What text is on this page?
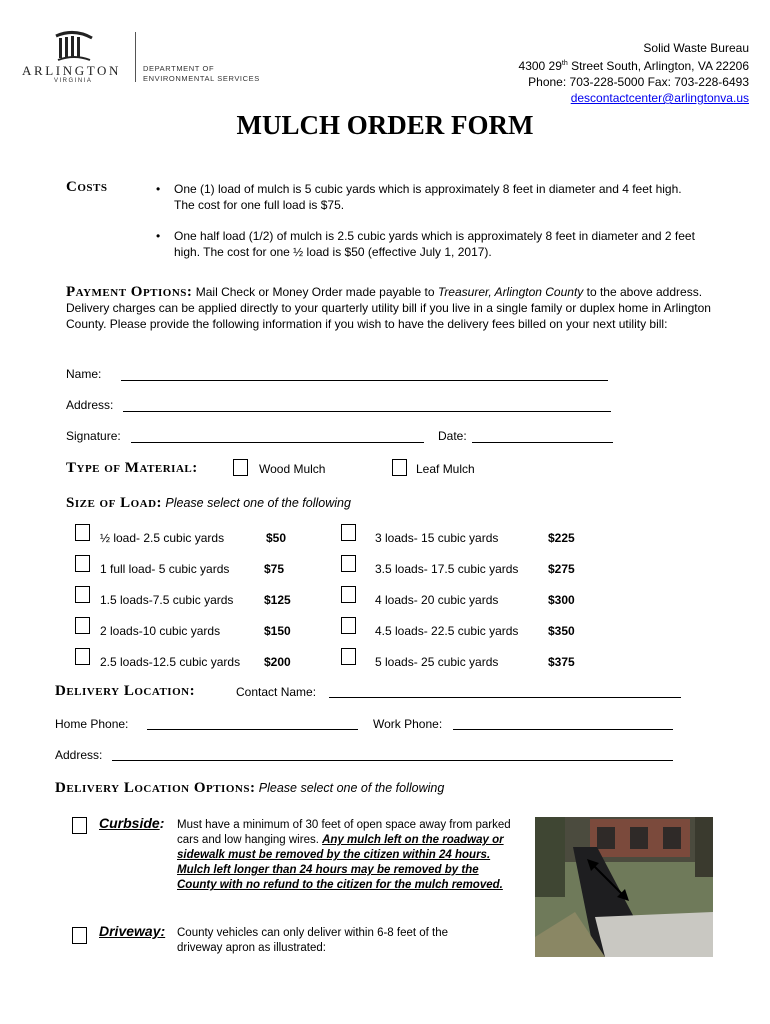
ARLINGTON
VIRGINIA
DEPARTMENT OF
ENVIRONMENTAL SERVICES
Solid Waste Bureau
4300 29th Street South, Arlington, VA 22206
Phone: 703-228-5000 Fax: 703-228-6493
descontactcenter@arlingtonva.us
MULCH ORDER FORM
Costs
•	One (1) load of mulch is 5 cubic yards which is approximately 8 feet in diameter and 4 feet high. The cost for one full load is $75.
• One half load (1/2) of mulch is 2.5 cubic yards which is approximately 8 feet in diameter and 2 feet high. The cost for one ½ load is $50 (effective July 1, 2017).
Payment Options: Mail Check or Money Order made payable to Treasurer, Arlington County to the above address. Delivery charges can be applied directly to your quarterly utility bill if you live in a single family or duplex home in Arlington County. Please provide the following information if you wish to have the delivery fees billed on your next utility bill:
Name:
Address:
Signature:	Date:
Type of Material:	Wood Mulch	Leaf Mulch
Size of Load: Please select one of the following
½ load- 2.5 cubic yards	$50
1 full load- 5 cubic yards	$75
1.5 loads-7.5 cubic yards	$125
2 loads-10 cubic yards	$150
2.5 loads-12.5 cubic yards $200
3 loads- 15 cubic yards	$225
3.5 loads- 17.5 cubic yards $275
4 loads- 20 cubic yards	$300
4.5 loads- 22.5 cubic yards $350
5 loads- 25 cubic yards	$375
Delivery Location:	Contact Name:
Home Phone:	Work Phone:
Address:
Delivery Location Options: Please select one of the following
Curbside: Must have a minimum of 30 feet of open space away from parked cars and low hanging wires. Any mulch left on the roadway or sidewalk must be removed by the citizen within 24 hours. Mulch left longer than 24 hours may be removed by the County with no refund to the citizen for the mulch removed.
Driveway: County vehicles can only deliver within 6-8 feet of the driveway apron as illustrated:
